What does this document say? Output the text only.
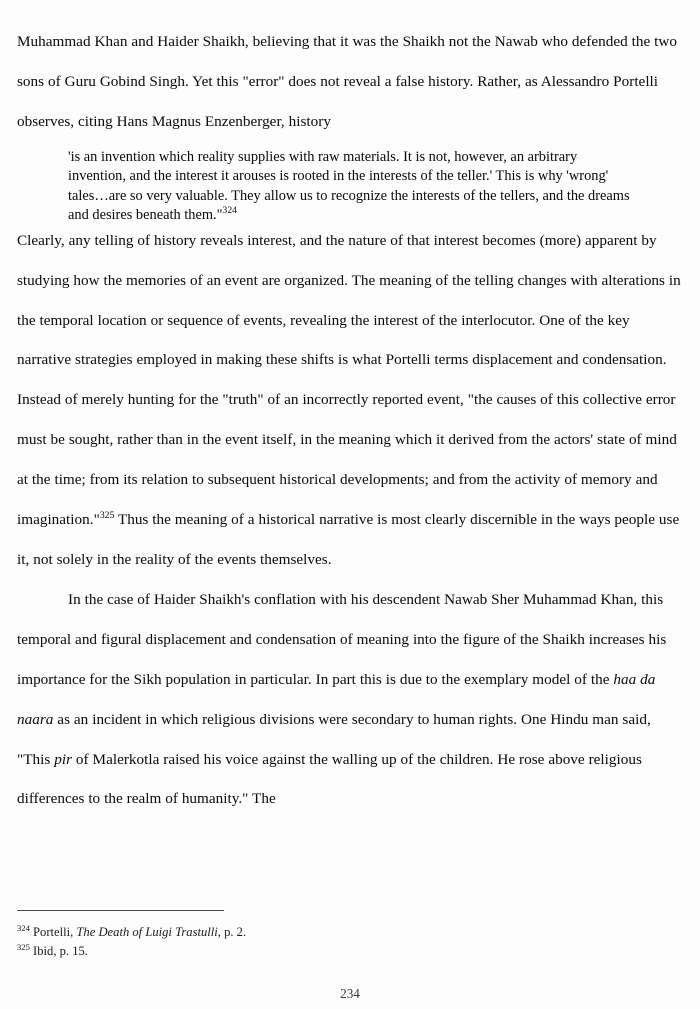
Muhammad Khan and Haider Shaikh, believing that it was the Shaikh not the Nawab who defended the two sons of Guru Gobind Singh. Yet this "error" does not reveal a false history. Rather, as Alessandro Portelli observes, citing Hans Magnus Enzenberger, history

Clearly, any telling of history reveals interest, and the nature of that interest becomes (more) apparent by studying how the memories of an event are organized. The meaning of the telling changes with alterations in the temporal location or sequence of events, revealing the interest of the interlocutor. One of the key narrative strategies employed in making these shifts is what Portelli terms displacement and condensation. Instead of merely hunting for the "truth" of an incorrectly reported event, "the causes of this collective error must be sought, rather than in the event itself, in the meaning which it derived from the actors' state of mind at the time; from its relation to subsequent historical developments; and from the activity of memory and imagination."$^{325}$ Thus the meaning of a historical narrative is most clearly discernible in the ways people use it, not solely in the reality of the events themselves.

In the case of Haider Shaikh's conflation with his descendent Nawab Sher Muhammad Khan, this temporal and figural displacement and condensation of meaning into the figure of the Shaikh increases his importance for the Sikh population in particular. In part this is due to the exemplary model of the haa da naara as an incident in which religious divisions were secondary to human rights. One Hindu man said, "This pir of Malerkotla raised his voice against the walling up of the children. He rose above religious differences to the realm of humanity." The

'is an invention which reality supplies with raw materials. It is not, however, an arbitrary invention, and the interest it arouses is rooted in the interests of the teller.' This is why 'wrong' tales…are so very valuable. They allow us to recognize the interests of the tellers, and the dreams and desires beneath them."$^{324}$

$^{324}$ Portelli, The Death of Luigi Trastulli, p. 2.

$^{325}$ Ibid, p. 15.

234
